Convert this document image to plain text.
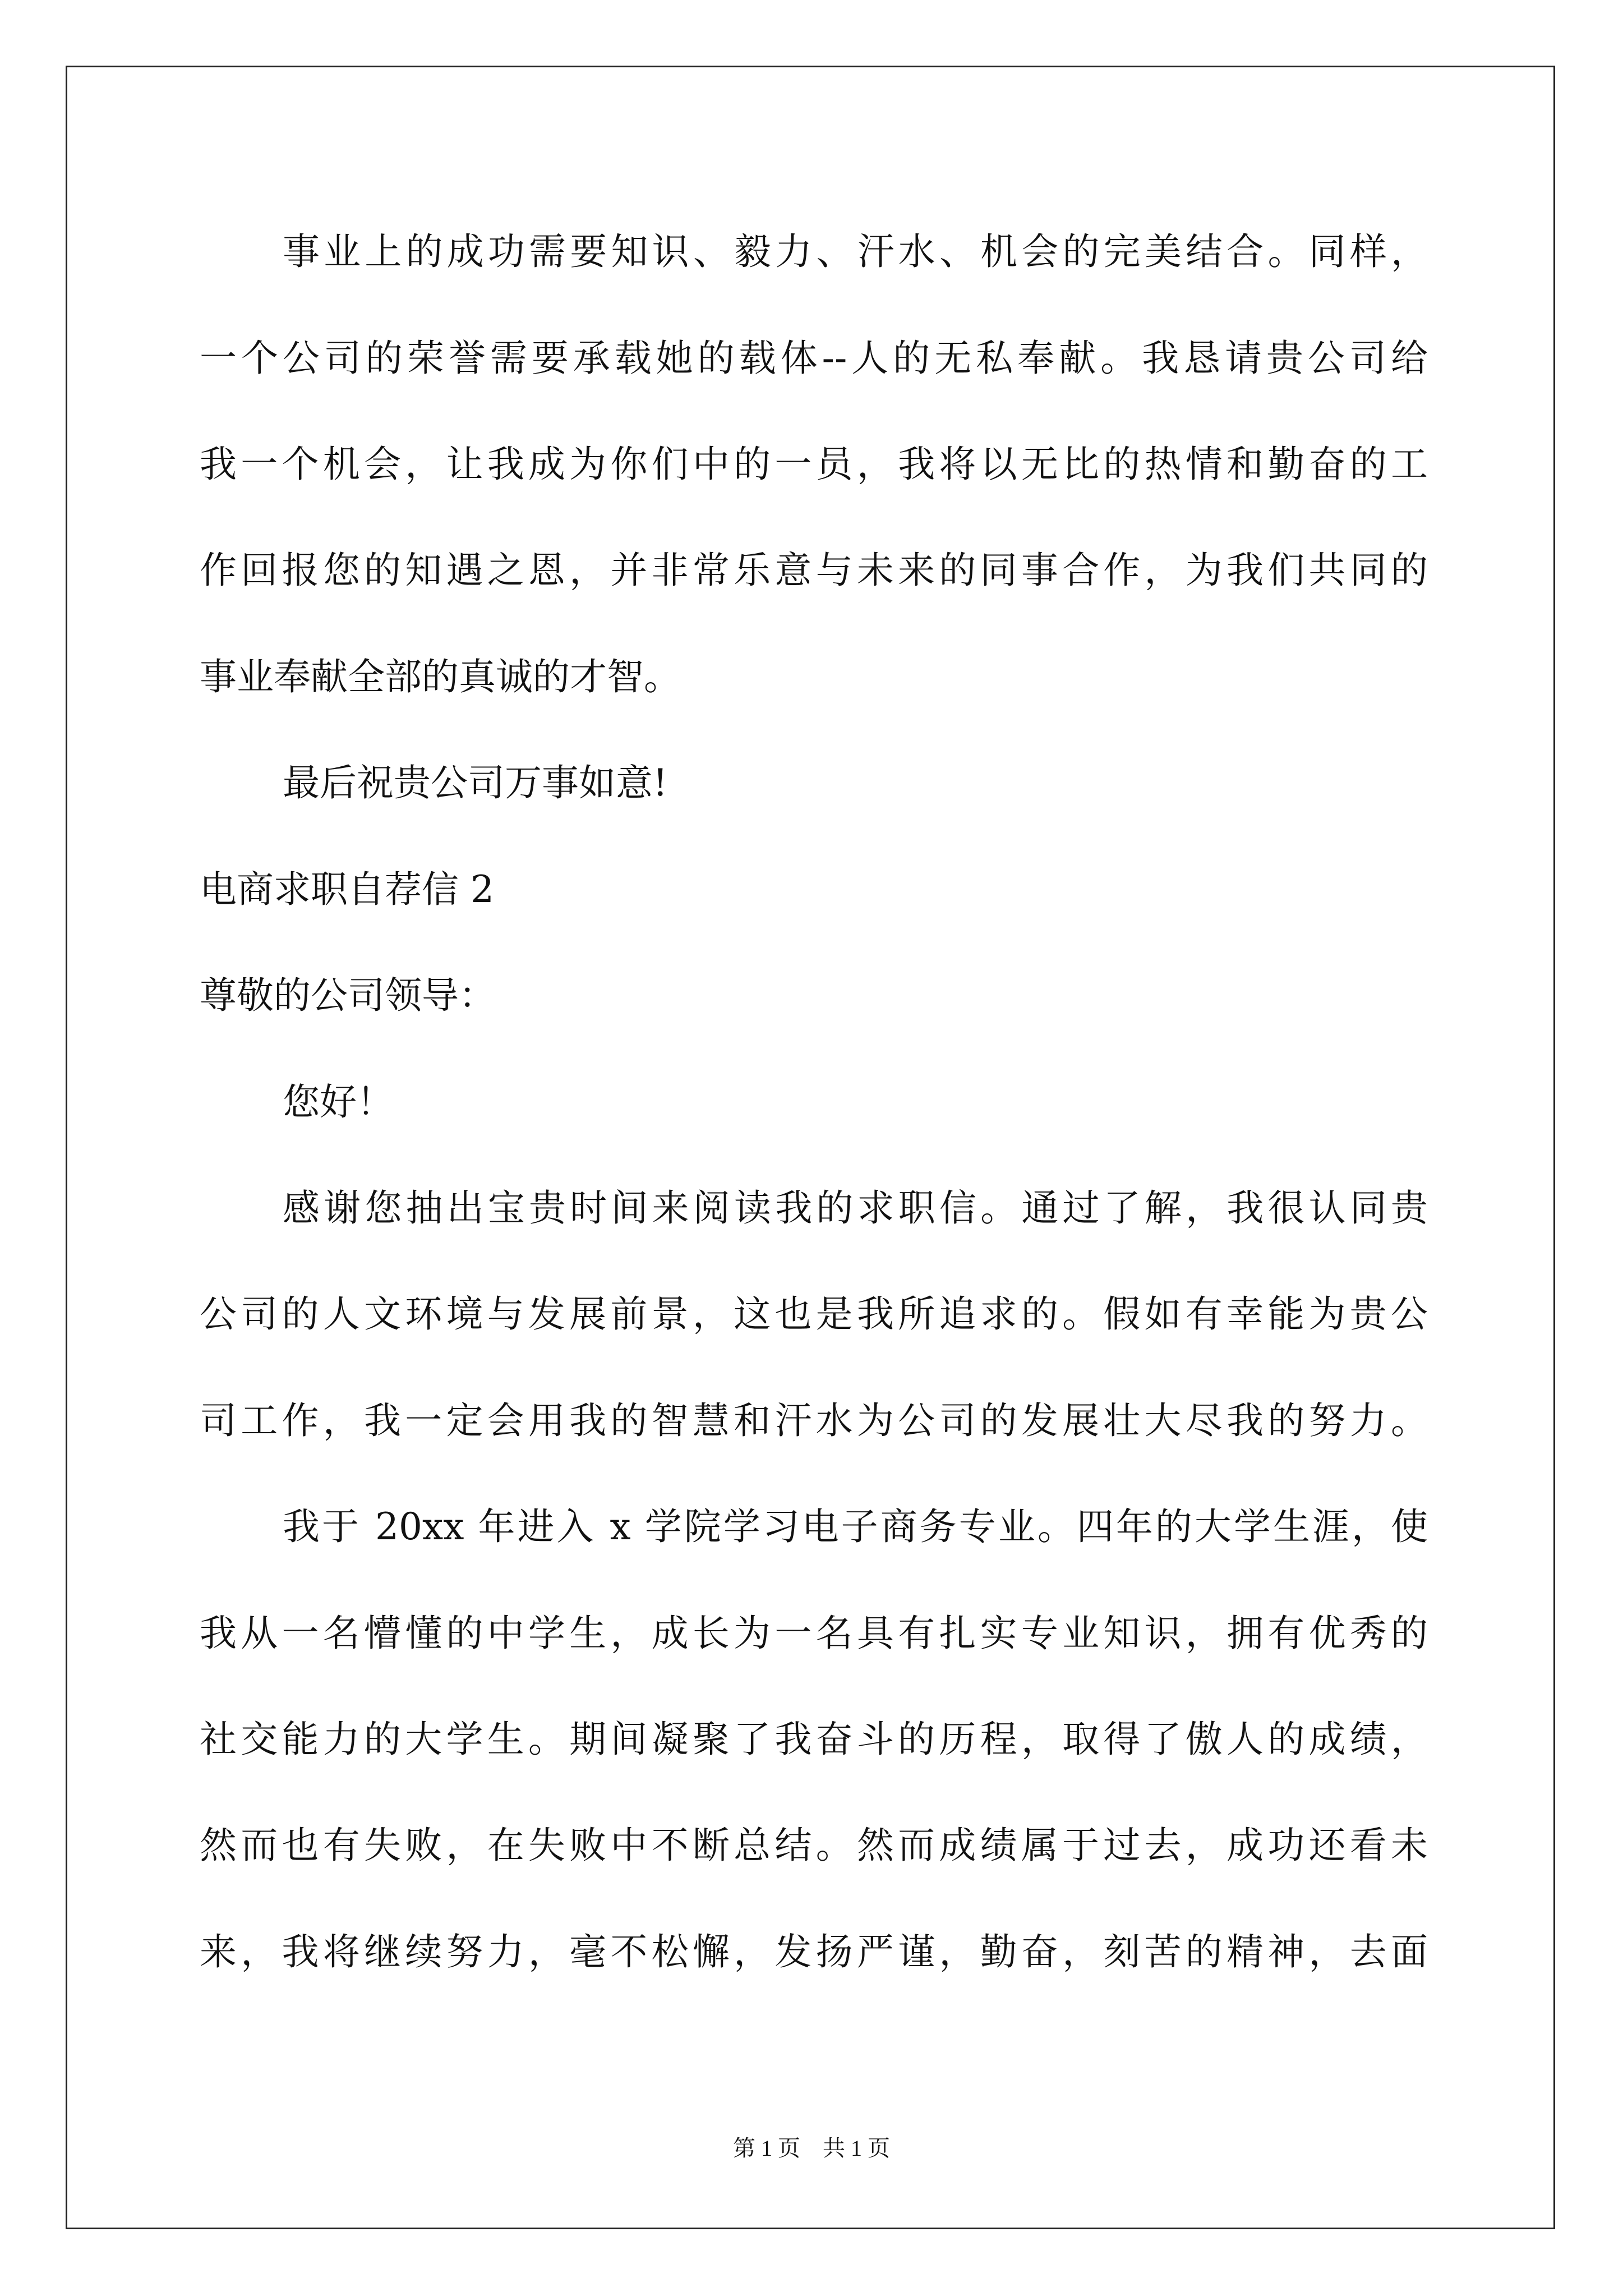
事业上的成功需要知识、毅力、汗水、机会的完美结合。同样，
一个公司的荣誉需要承载她的载体--人的无私奉献。我恳请贵公司给
我一个机会，让我成为你们中的一员，我将以无比的热情和勤奋的工
作回报您的知遇之恩，并非常乐意与未来的同事合作，为我们共同的
事业奉献全部的真诚的才智。
最后祝贵公司万事如意!
电商求职自荐信 2
尊敬的公司领导：
您好！
感谢您抽出宝贵时间来阅读我的求职信。通过了解，我很认同贵
公司的人文环境与发展前景，这也是我所追求的。假如有幸能为贵公
司工作，我一定会用我的智慧和汗水为公司的发展壮大尽我的努力。
我于 20xx 年进入 x 学院学习电子商务专业。四年的大学生涯，使
我从一名懵懂的中学生，成长为一名具有扎实专业知识，拥有优秀的
社交能力的大学生。期间凝聚了我奋斗的历程，取得了傲人的成绩，
然而也有失败，在失败中不断总结。然而成绩属于过去，成功还看未
来，我将继续努力，毫不松懈，发扬严谨，勤奋，刻苦的精神，去面
第 1 页　共 1 页
